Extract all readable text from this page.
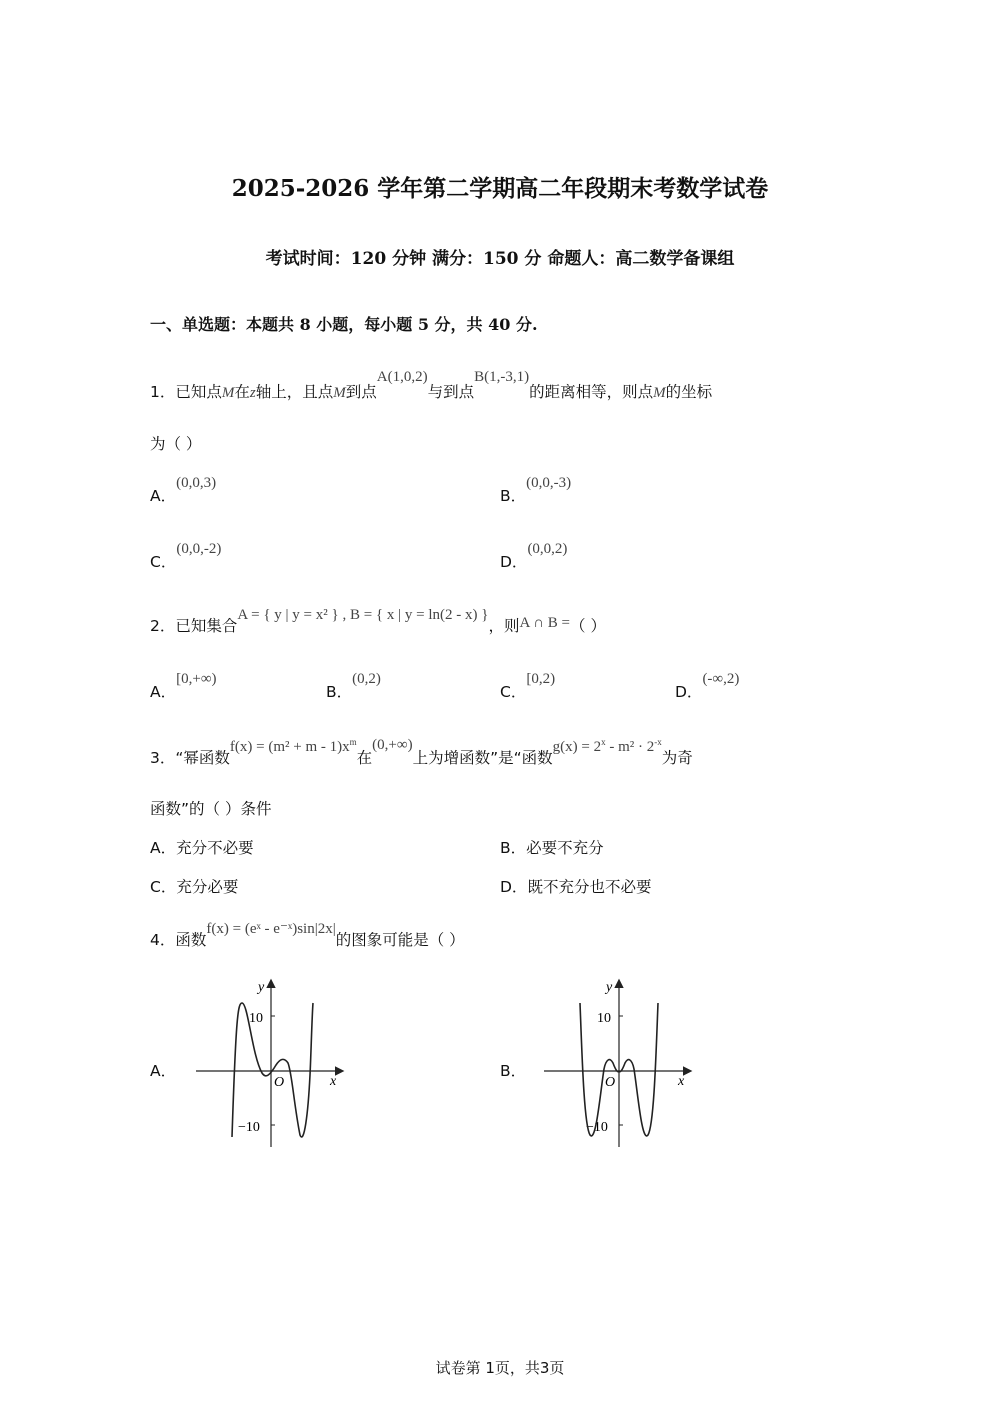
2025-2026 学年第二学期高二年段期末考数学试卷
考试时间：120 分钟 满分：150 分 命题人：高二数学备课组
一、单选题：本题共 8 小题，每小题 5 分，共 40 分.
1．已知点M在z轴上，且点M到点A(1,0,2)与到点B(1,-3,1)的距离相等，则点M的坐标
为（ ）
A．(0,0,3)
B．(0,0,-3)
C．(0,0,-2)
D．(0,0,2)
2．已知集合A = { y | y = x² } , B = { x | y = ln(2 - x) }，则A ∩ B =（ ）
A．[0,+∞)
B．(0,2)
C．[0,2)
D．(-∞,2)
3．“幂函数$f(x) = (m^2 + m - 1)x^m$在(0,+∞)上为增函数”是“函数$g(x) = 2^x - m^2 \cdot 2^{-x}$为奇
函数”的（ ）条件
A．充分不必要	B．必要不充分
C．充分必要	D．既不充分也不必要
4．函数f(x) = (eˣ - e⁻ˣ)sin|2x|的图象可能是（ ）
A．
y
x
O
10
−10
B．
y
x
O
10
−10
试卷第 1页，共3页
